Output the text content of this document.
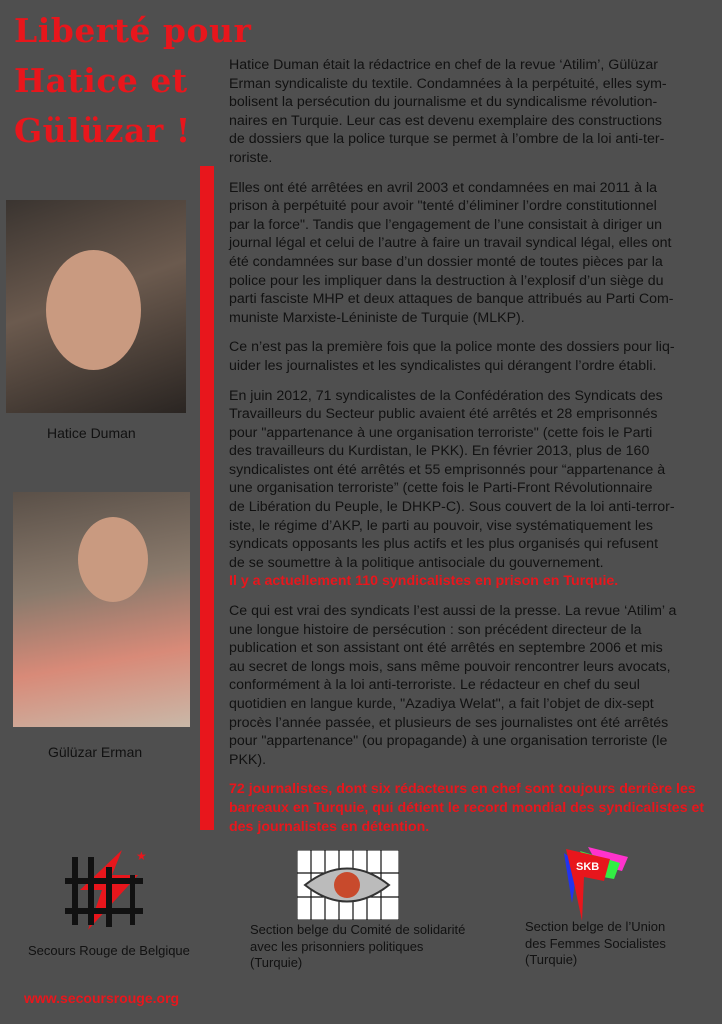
Liberté pour
Hatice et
Gülüzar !
Hatice Duman
Gülüzar Erman

Hatice Duman était la rédactrice en chef de la revue ‘Atilim’, Gülüzar
Erman syndicaliste du textile. Condamnées à la perpétuité, elles sym-
bolisent la persécution du journalisme et du syndicalisme révolution-
naires en Turquie. Leur cas est devenu exemplaire des constructions
de dossiers que la police turque se permet à l’ombre de la loi anti-ter-
roriste.

Elles ont été arrêtées en avril 2003 et condamnées en mai 2011 à la
prison à perpétuité pour avoir "tenté d’éliminer l’ordre constitutionnel
par la force". Tandis que l’engagement de l’une consistait à diriger un
journal légal et celui de l’autre à faire un travail syndical légal, elles ont
été condamnées sur base d’un dossier monté de toutes pièces par la
police pour les impliquer dans la destruction à l’explosif d’un siège du
parti fasciste MHP et deux attaques de banque attribués au Parti Com-
muniste Marxiste-Léniniste de Turquie (MLKP).

Ce n’est pas la première fois que la police monte des dossiers pour liq-
uider les journalistes et les syndicalistes qui dérangent l’ordre établi.

En juin 2012, 71 syndicalistes de la Confédération des Syndicats des
Travailleurs du Secteur public avaient été arrêtés et 28 emprisonnés
pour "appartenance à une organisation terroriste" (cette fois le Parti
des travailleurs du Kurdistan, le PKK). En février 2013, plus de 160
syndicalistes ont été arrêtés et 55 emprisonnés pour “appartenance à
une organisation terroriste” (cette fois le Parti-Front Révolutionnaire
de Libération du Peuple, le DHKP-C). Sous couvert de la loi anti-terror-
iste, le régime d’AKP, le parti au pouvoir, vise systématiquement les
syndicats opposants les plus actifs et les plus organisés qui refusent
de se soumettre à la politique antisociale du gouvernement.
Il y a actuellement 110 syndicalistes en prison en Turquie.

Ce qui est vrai des syndicats l’est aussi de la presse. La revue ‘Atilim’ a
une longue histoire de persécution : son précédent directeur de la
publication et son assistant ont été arrêtés en septembre 2006 et mis
au secret de longs mois, sans même pouvoir rencontrer leurs avocats,
conformément à la loi anti-terroriste. Le rédacteur en chef du seul
quotidien en langue kurde, "Azadiya Welat", a fait l’objet de dix-sept
procès l’année passée, et plusieurs de ses journalistes ont été arrêtés
pour "appartenance" (ou propagande) à une organisation terroriste (le
PKK).

72 journalistes, dont six rédacteurs en chef sont toujours derrière les
barreaux en Turquie, qui détient le record mondial des syndicalistes et
des journalistes en détention.

★
Secours Rouge de Belgique
Section belge du Comité de solidarité
avec les prisonniers politiques
(Turquie)
SKB
Section belge de l’Union
des Femmes Socialistes
(Turquie)
www.secoursrouge.org
